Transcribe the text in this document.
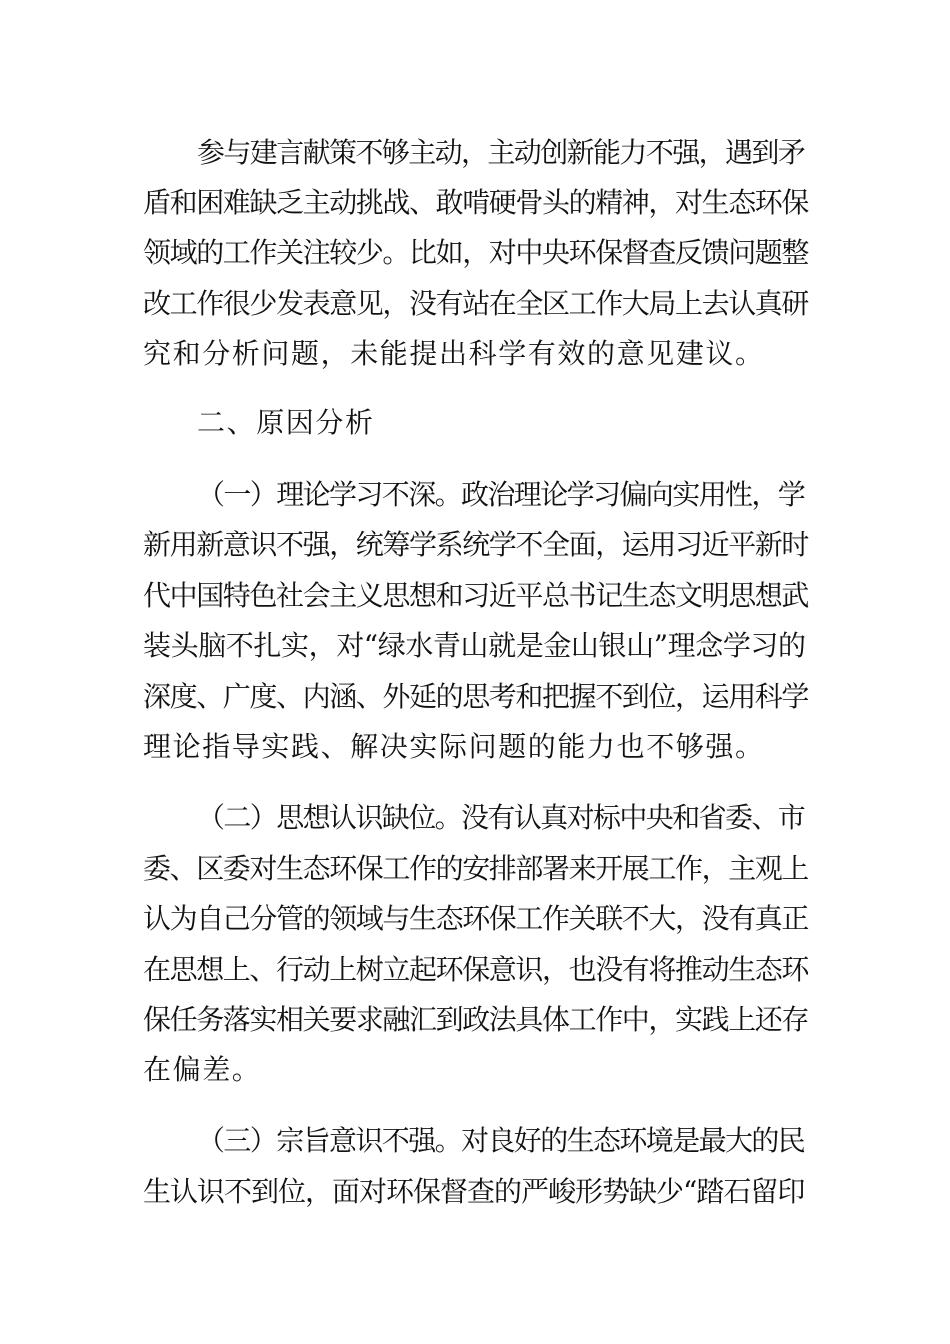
参与建言献策不够主动，主动创新能力不强，遇到矛
盾和困难缺乏主动挑战、敢啃硬骨头的精神，对生态环保
领域的工作关注较少。比如，对中央环保督查反馈问题整
改工作很少发表意见，没有站在全区工作大局上去认真研
究和分析问题，未能提出科学有效的意见建议。
二、原因分析
（一）理论学习不深。政治理论学习偏向实用性，学
新用新意识不强，统筹学系统学不全面，运用习近平新时
代中国特色社会主义思想和习近平总书记生态文明思想武
装头脑不扎实，对“绿水青山就是金山银山”理念学习的
深度、广度、内涵、外延的思考和把握不到位，运用科学
理论指导实践、解决实际问题的能力也不够强。
（二）思想认识缺位。没有认真对标中央和省委、市
委、区委对生态环保工作的安排部署来开展工作，主观上
认为自己分管的领域与生态环保工作关联不大，没有真正
在思想上、行动上树立起环保意识，也没有将推动生态环
保任务落实相关要求融汇到政法具体工作中，实践上还存
在偏差。
（三）宗旨意识不强。对良好的生态环境是最大的民
生认识不到位，面对环保督查的严峻形势缺少“踏石留印
